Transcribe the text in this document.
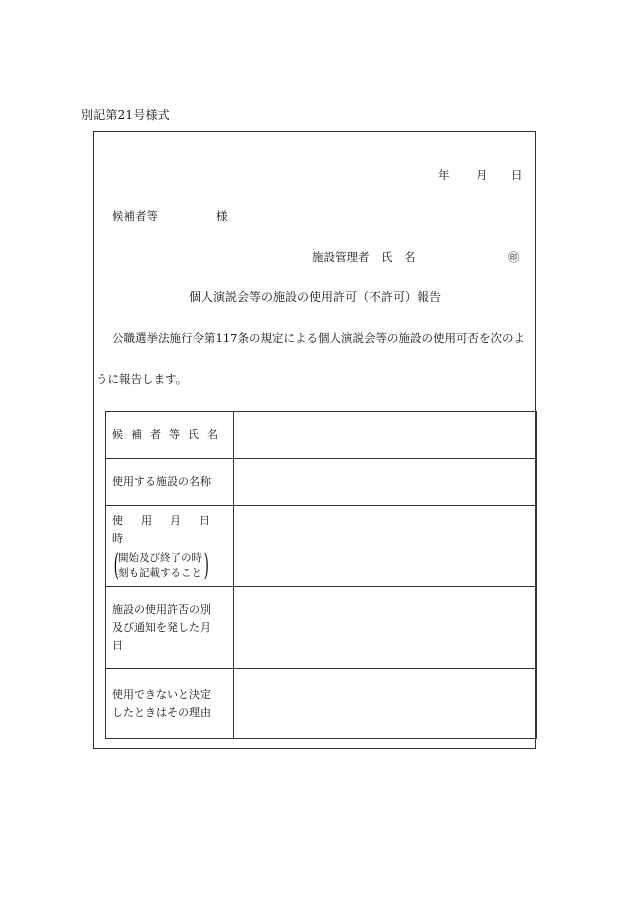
別記第21号様式
年 月 日
候補者等	様
施設管理者　氏　名	㊞
個人演説会等の施設の使用許可（不許可）報告
公職選挙法施行令第117条の規定による個人演説会等の施設の使用可否を次のよ
うに報告します。
候補者等氏名	
使用する施設の名称	

使用月日時
( 開始及び終了の時
刻も記載すること )	

施設の使用許否の別
及び通知を発した月
日	

使用できないと決定
したときはその理由	
